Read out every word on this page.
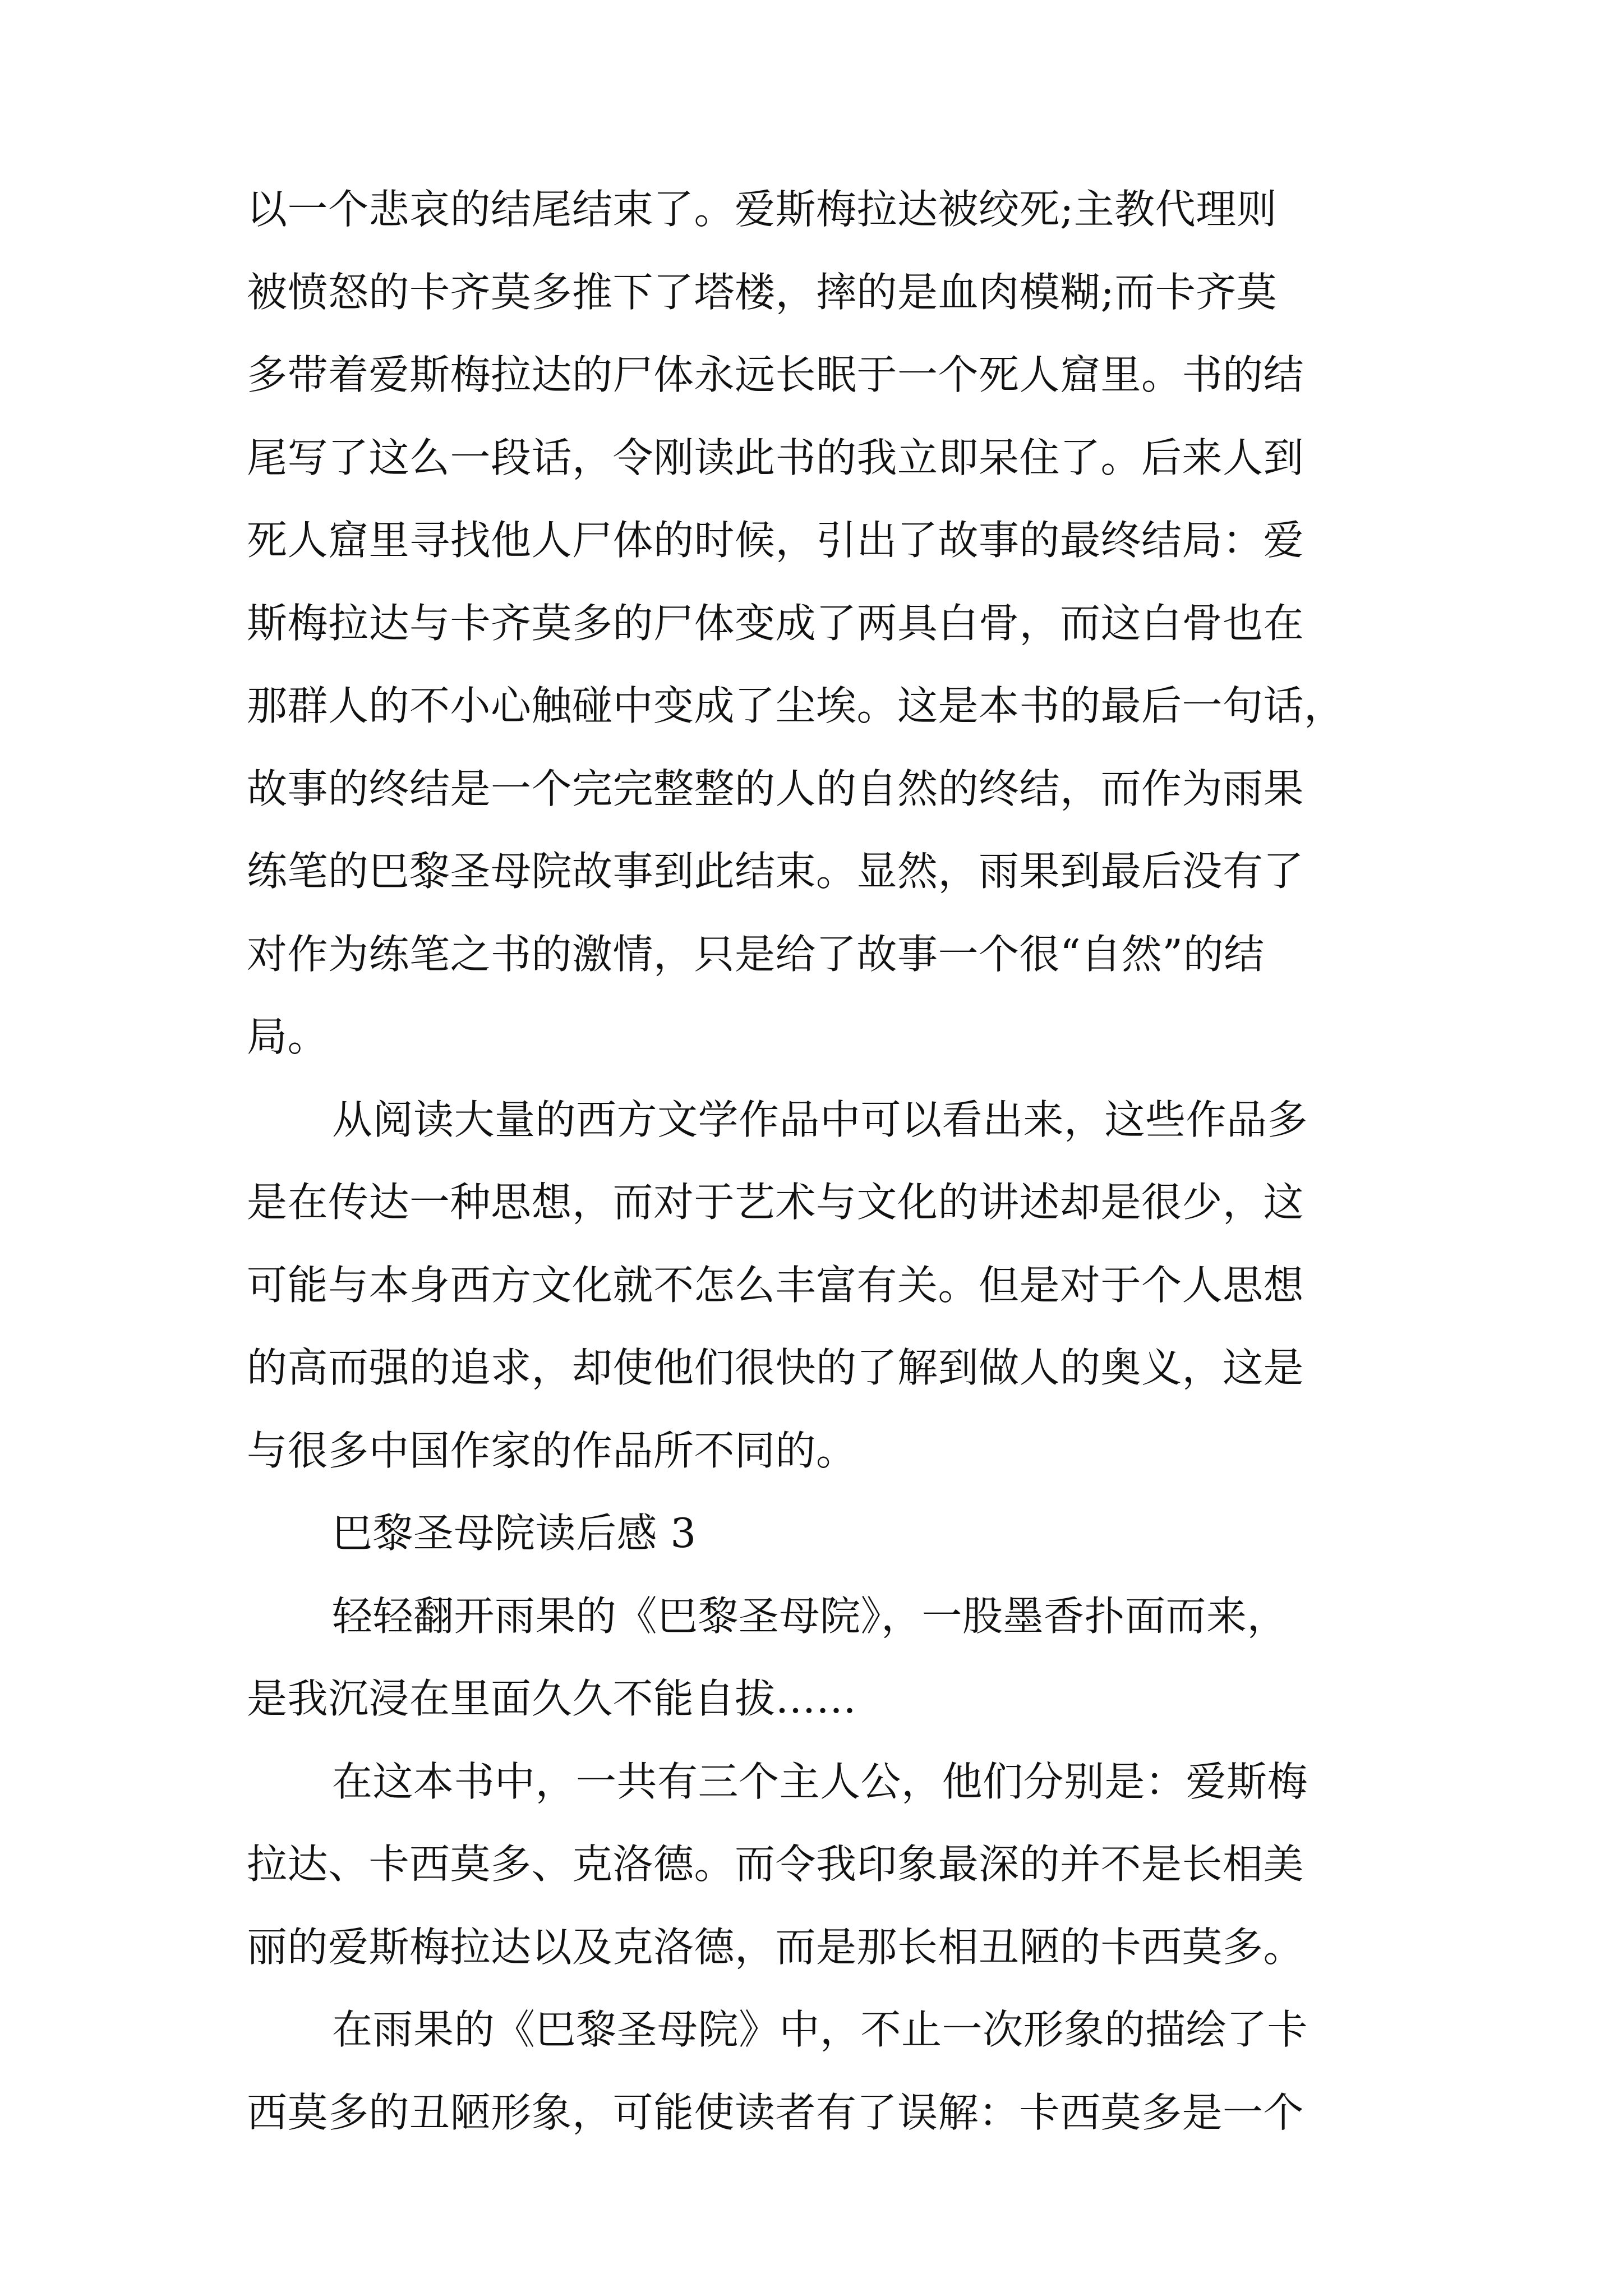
以一个悲哀的结尾结束了。爱斯梅拉达被绞死;主教代理则
被愤怒的卡齐莫多推下了塔楼，摔的是血肉模糊;而卡齐莫
多带着爱斯梅拉达的尸体永远长眠于一个死人窟里。书的结
尾写了这么一段话，令刚读此书的我立即呆住了。后来人到
死人窟里寻找他人尸体的时候，引出了故事的最终结局：爱
斯梅拉达与卡齐莫多的尸体变成了两具白骨，而这白骨也在
那群人的不小心触碰中变成了尘埃。这是本书的最后一句话，
故事的终结是一个完完整整的人的自然的终结，而作为雨果
练笔的巴黎圣母院故事到此结束。显然，雨果到最后没有了
对作为练笔之书的激情，只是给了故事一个很“自然”的结
局。
从阅读大量的西方文学作品中可以看出来，这些作品多
是在传达一种思想，而对于艺术与文化的讲述却是很少，这
可能与本身西方文化就不怎么丰富有关。但是对于个人思想
的高而强的追求，却使他们很快的了解到做人的奥义，这是
与很多中国作家的作品所不同的。
巴黎圣母院读后感 3
轻轻翻开雨果的《巴黎圣母院》，一股墨香扑面而来，
是我沉浸在里面久久不能自拔……
在这本书中，一共有三个主人公，他们分别是：爱斯梅
拉达、卡西莫多、克洛德。而令我印象最深的并不是长相美
丽的爱斯梅拉达以及克洛德，而是那长相丑陋的卡西莫多。
在雨果的《巴黎圣母院》中，不止一次形象的描绘了卡
西莫多的丑陋形象，可能使读者有了误解：卡西莫多是一个
